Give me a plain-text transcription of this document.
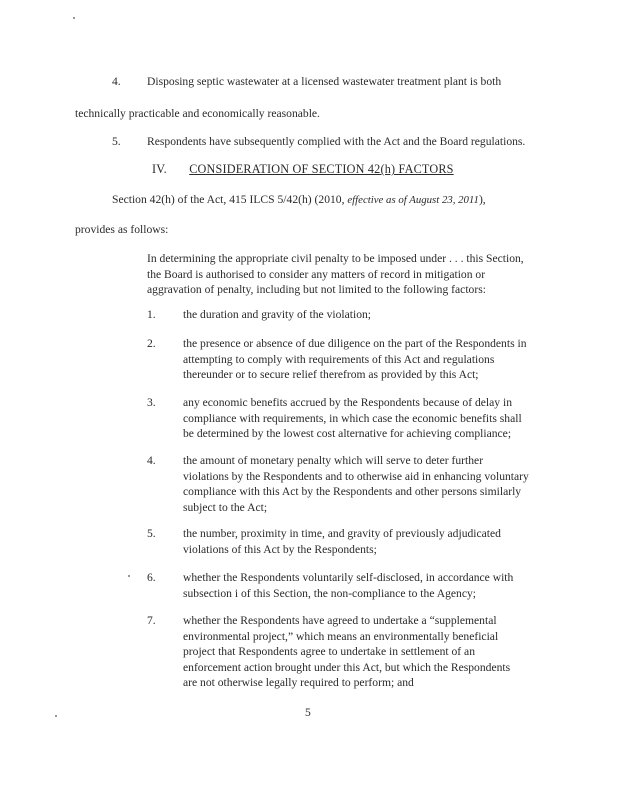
4. Disposing septic wastewater at a licensed wastewater treatment plant is both
technically practicable and economically reasonable.
5. Respondents have subsequently complied with the Act and the Board regulations.
IV. CONSIDERATION OF SECTION 42(h) FACTORS
Section 42(h) of the Act, 415 ILCS 5/42(h) (2010, effective as of August 23, 2011),
provides as follows:
In determining the appropriate civil penalty to be imposed under . . . this Section,
the Board is authorised to consider any matters of record in mitigation or
aggravation of penalty, including but not limited to the following factors:
1. the duration and gravity of the violation;
2. the presence or absence of due diligence on the part of the Respondents in
attempting to comply with requirements of this Act and regulations
thereunder or to secure relief therefrom as provided by this Act;
3. any economic benefits accrued by the Respondents because of delay in
compliance with requirements, in which case the economic benefits shall
be determined by the lowest cost alternative for achieving compliance;
4. the amount of monetary penalty which will serve to deter further
violations by the Respondents and to otherwise aid in enhancing voluntary
compliance with this Act by the Respondents and other persons similarly
subject to the Act;
5. the number, proximity in time, and gravity of previously adjudicated
violations of this Act by the Respondents;
6. whether the Respondents voluntarily self-disclosed, in accordance with
subsection i of this Section, the non-compliance to the Agency;
7. whether the Respondents have agreed to undertake a “supplemental
environmental project,” which means an environmentally beneficial
project that Respondents agree to undertake in settlement of an
enforcement action brought under this Act, but which the Respondents
are not otherwise legally required to perform; and
5
